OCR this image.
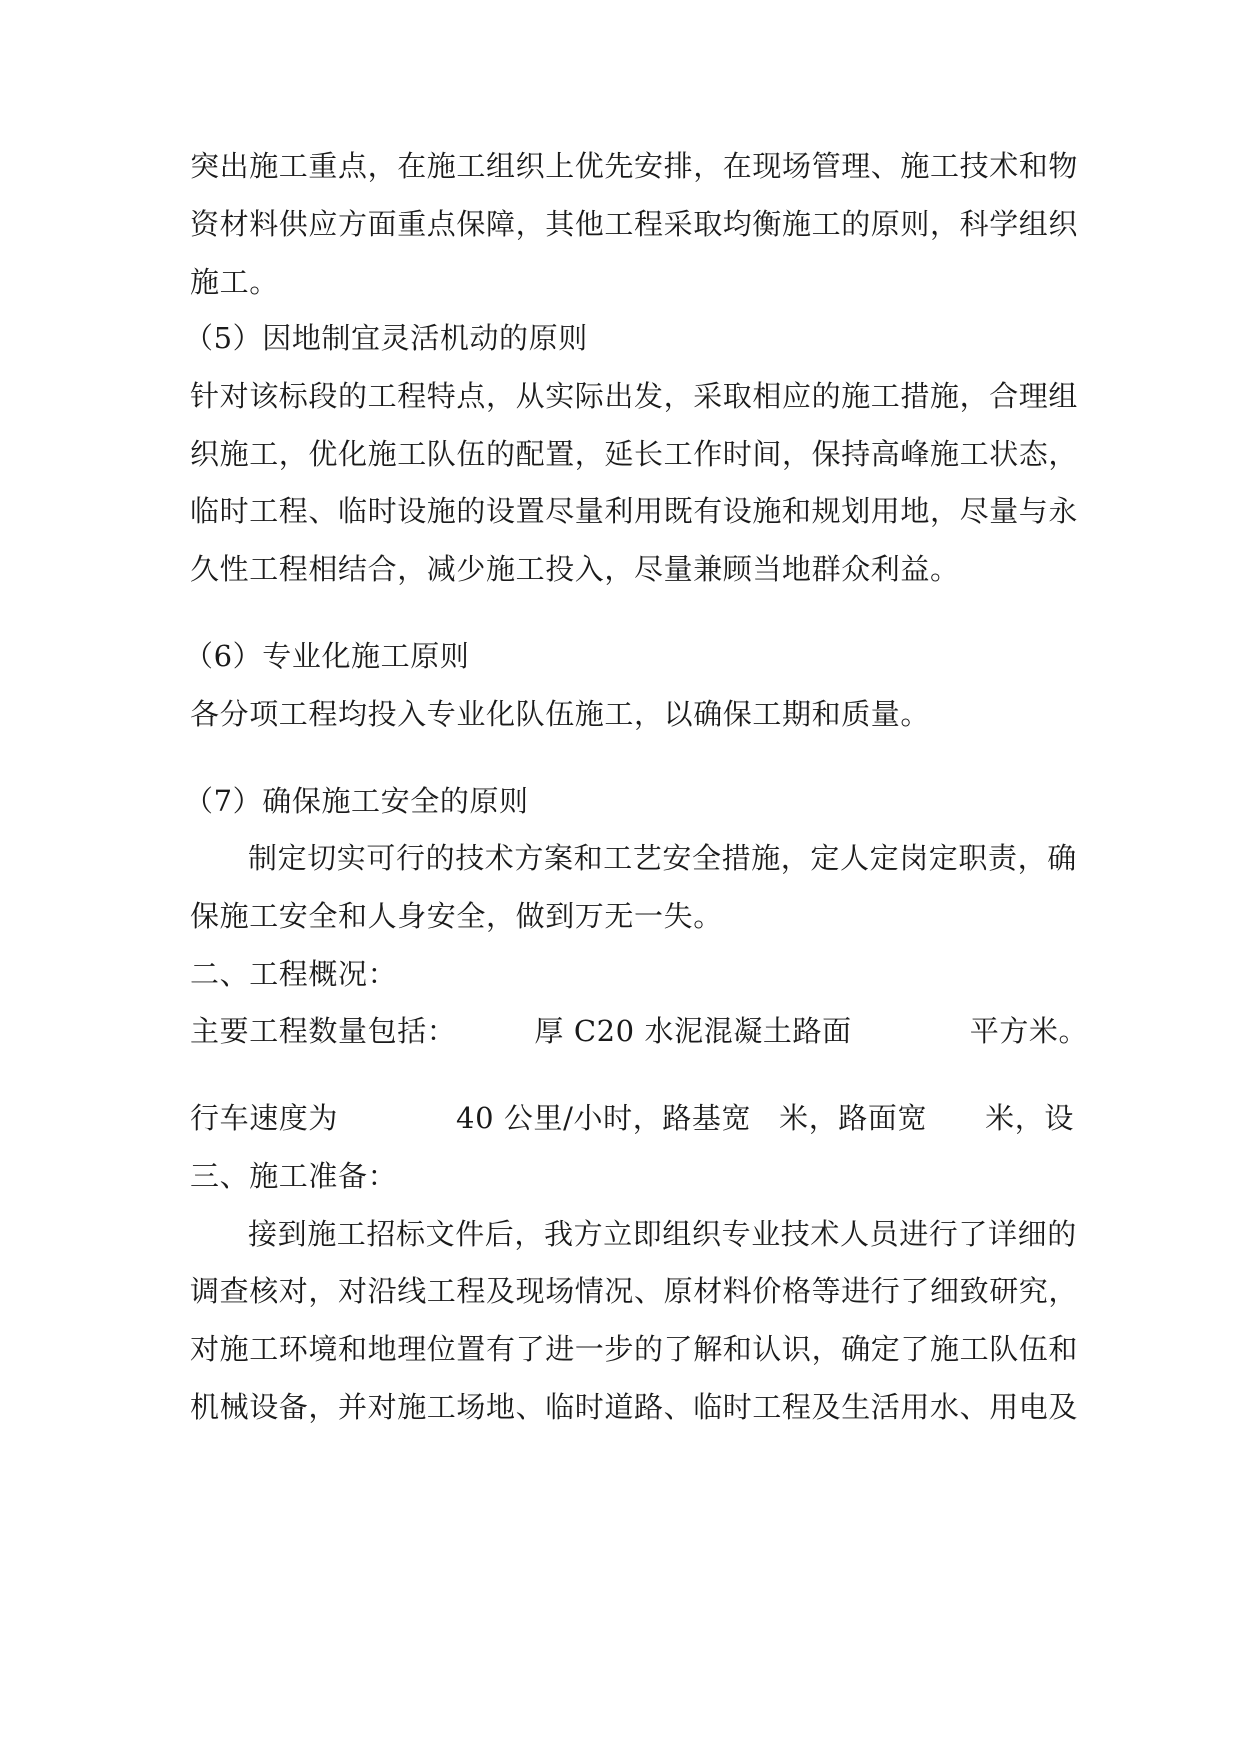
突出施工重点，在施工组织上优先安排，在现场管理、施工技术和物
资材料供应方面重点保障，其他工程采取均衡施工的原则，科学组织
施工。
（5）因地制宜灵活机动的原则
针对该标段的工程特点，从实际出发，采取相应的施工措施，合理组
织施工，优化施工队伍的配置，延长工作时间，保持高峰施工状态，
临时工程、临时设施的设置尽量利用既有设施和规划用地，尽量与永
久性工程相结合，减少施工投入，尽量兼顾当地群众利益。
（6）专业化施工原则
各分项工程均投入专业化队伍施工，以确保工期和质量。
（7）确保施工安全的原则
制定切实可行的技术方案和工艺安全措施，定人定岗定职责，确
保施工安全和人身安全，做到万无一失。
二、工程概况：
主要工程数量包括：	厚 C20 水泥混凝土路面	平方米。
行车速度为	40 公里/小时，路基宽 米，路面宽 米，设
三、施工准备：
接到施工招标文件后，我方立即组织专业技术人员进行了详细的
调查核对，对沿线工程及现场情况、原材料价格等进行了细致研究，
对施工环境和地理位置有了进一步的了解和认识，确定了施工队伍和
机械设备，并对施工场地、临时道路、临时工程及生活用水、用电及
